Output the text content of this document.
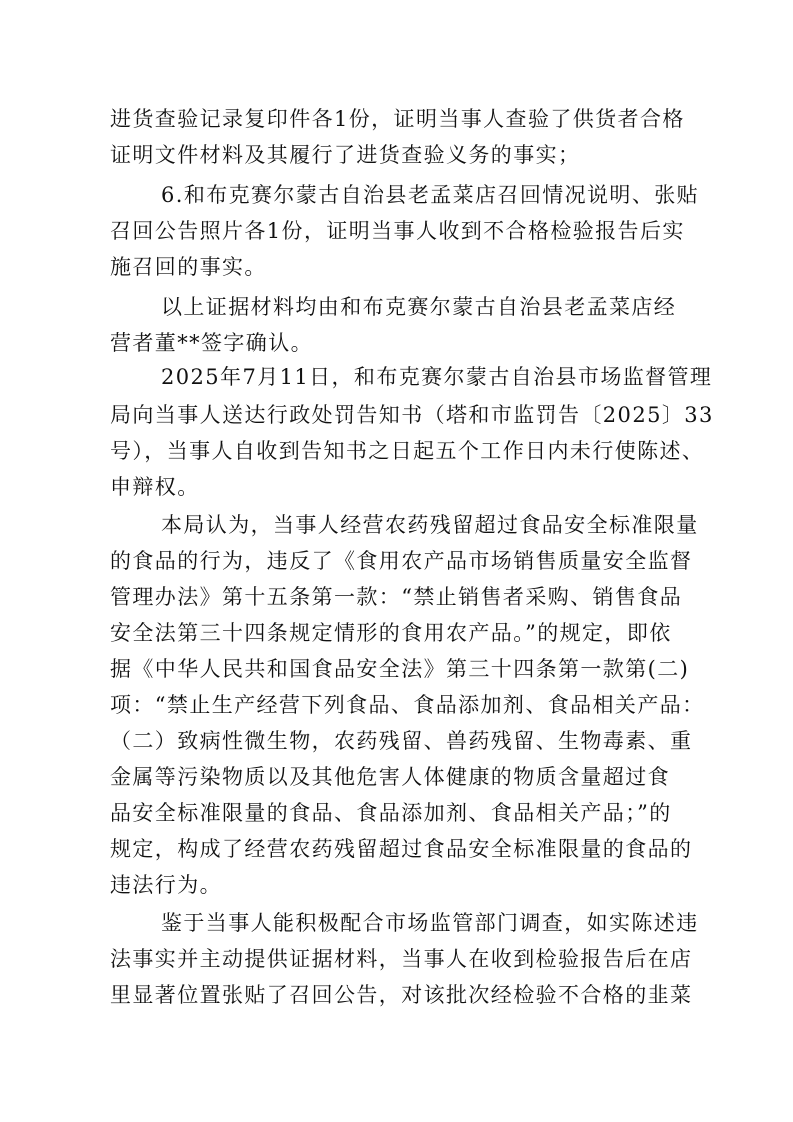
进货查验记录复印件各1份，证明当事人查验了供货者合格
证明文件材料及其履行了进货查验义务的事实；
6.和布克赛尔蒙古自治县老孟菜店召回情况说明、张贴
召回公告照片各1份，证明当事人收到不合格检验报告后实
施召回的事实。
以上证据材料均由和布克赛尔蒙古自治县老孟菜店经
营者董**签字确认。
2025年7月11日，和布克赛尔蒙古自治县市场监督管理
局向当事人送达行政处罚告知书（塔和市监罚告〔2025〕33
号），当事人自收到告知书之日起五个工作日内未行使陈述、
申辩权。
本局认为，当事人经营农药残留超过食品安全标准限量
的食品的行为，违反了《食用农产品市场销售质量安全监督
管理办法》第十五条第一款：“禁止销售者采购、销售食品
安全法第三十四条规定情形的食用农产品。”的规定，即依
据《中华人民共和国食品安全法》第三十四条第一款第(二)
项：“禁止生产经营下列食品、食品添加剂、食品相关产品：
（二）致病性微生物，农药残留、兽药残留、生物毒素、重
金属等污染物质以及其他危害人体健康的物质含量超过食
品安全标准限量的食品、食品添加剂、食品相关产品；”的
规定，构成了经营农药残留超过食品安全标准限量的食品的
违法行为。
鉴于当事人能积极配合市场监管部门调查，如实陈述违
法事实并主动提供证据材料，当事人在收到检验报告后在店
里显著位置张贴了召回公告，对该批次经检验不合格的韭菜
